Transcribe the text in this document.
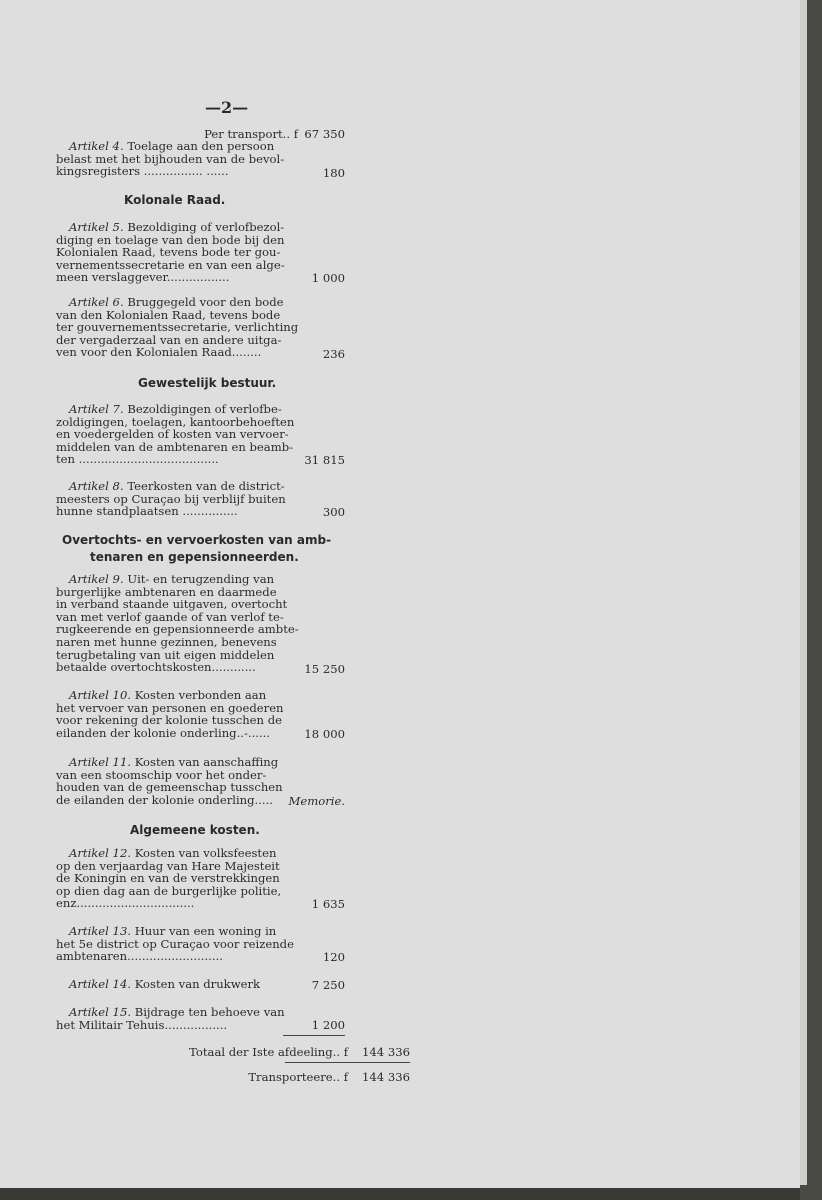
—2—
Per transport.. f 67 350
Artikel 4. Toelage aan den persoon
belast met het bijhouden van de bevol-
kingsregisters ................ ......	180
Kolonale Raad.
Artikel 5. Bezoldiging of verlofbezol-
diging en toelage van den bode bij den
Kolonialen Raad, tevens bode ter gou-
vernementssecretarie en van een alge-
meen verslaggever.................	1 000
Artikel 6. Bruggegeld voor den bode
van den Kolonialen Raad, tevens bode
ter gouvernementssecretarie, verlichting
der vergaderzaal van en andere uitga-
ven voor den Kolonialen Raad........	236
Gewestelijk bestuur.
Artikel 7. Bezoldigingen of verlofbe-
zoldigingen, toelagen, kantoorbehoeften
en voedergelden of kosten van vervoer-
middelen van de ambtenaren en beamb-
ten ......................................	31 815
Artikel 8. Teerkosten van de district-
meesters op Curaçao bij verblijf buiten
hunne standplaatsen ...............	300
Overtochts- en vervoerkosten van amb-
tenaren en gepensionneerden.
Artikel 9. Uit- en terugzending van
burgerlijke ambtenaren en daarmede
in verband staande uitgaven, overtocht
van met verlof gaande of van verlof te-
rugkeerende en gepensionneerde ambte-
naren met hunne gezinnen, benevens
terugbetaling van uit eigen middelen
betaalde overtochtskosten............	15 250
Artikel 10. Kosten verbonden aan
het vervoer van personen en goederen
voor rekening der kolonie tusschen de
eilanden der kolonie onderling..-......	18 000
Artikel 11. Kosten van aanschaffing
van een stoomschip voor het onder-
houden van de gemeenschap tusschen
de eilanden der kolonie onderling.....	Memorie.
Algemeene kosten.
Artikel 12. Kosten van volksfeesten
op den verjaardag van Hare Majesteit
de Koningin en van de verstrekkingen
op dien dag aan de burgerlijke politie,
enz................................	1 635
Artikel 13. Huur van een woning in
het 5e district op Curaçao voor reizende
ambtenaren..........................	120
Artikel 14. Kosten van drukwerk	7 250
Artikel 15. Bijdrage ten behoeve van
het Militair Tehuis.................	1 200
Totaal der Iste afdeeling.. f	144 336
Transporteere.. f	144 336
